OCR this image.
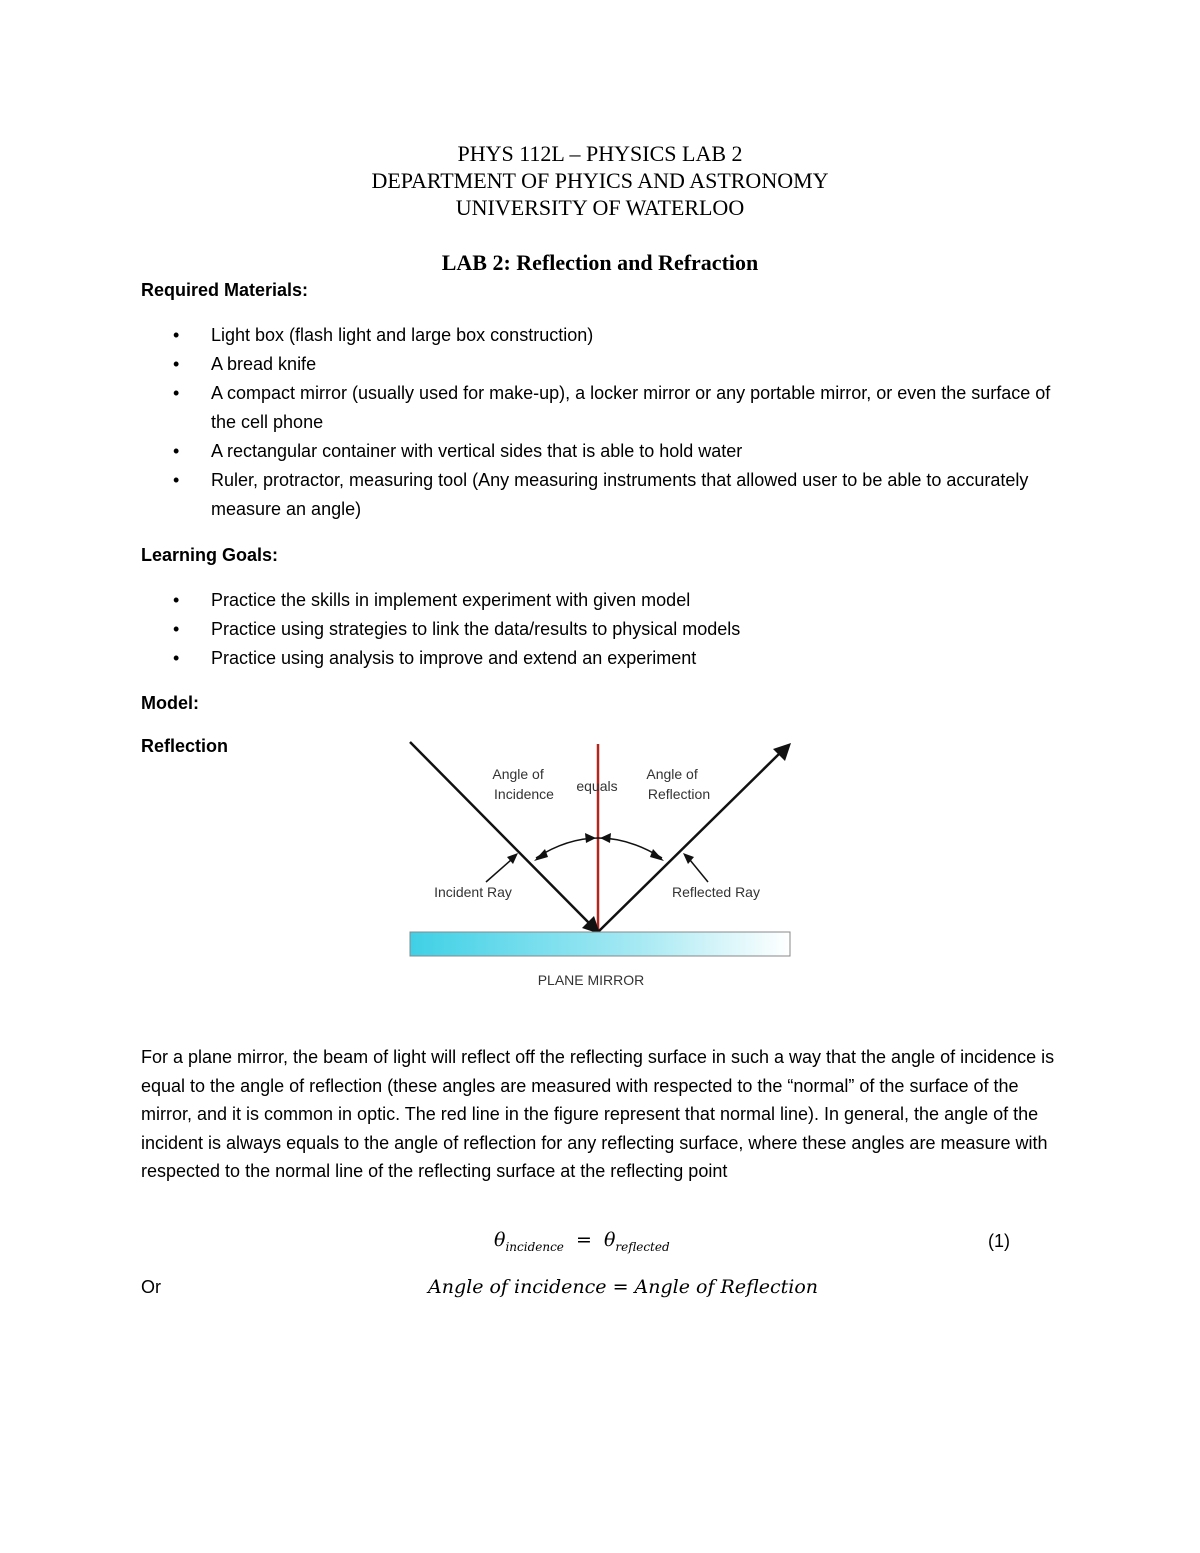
PHYS 112L – PHYSICS LAB 2
DEPARTMENT OF PHYICS AND ASTRONOMY
UNIVERSITY OF WATERLOO
LAB 2: Reflection and Refraction
Required Materials:
• Light box (flash light and large box construction)
• A bread knife
• A compact mirror (usually used for make-up), a locker mirror or any portable mirror, or even the surface of the cell phone
• A rectangular container with vertical sides that is able to hold water
• Ruler, protractor, measuring tool (Any measuring instruments that allowed user to be able to accurately measure an angle)
Learning Goals:
• Practice the skills in implement experiment with given model
• Practice using strategies to link the data/results to physical models
• Practice using analysis to improve and extend an experiment
Model:
Reflection
Angle of Incidence equals
Angle of Reflection
Incident Ray	Reflected Ray
PLANE MIRROR
For a plane mirror, the beam of light will reflect off the reflecting surface in such a way that the angle of incidence is equal to the angle of reflection (these angles are measured with respected to the “normal” of the surface of the mirror, and it is common in optic. The red line in the figure represent that normal line). In general, the angle of the incident is always equals to the angle of reflection for any reflecting surface, where these angles are measure with respected to the normal line of the reflecting surface at the reflecting point
$\theta_{incidence} = \theta_{reflected}$	(1)
Or	Angle of incidence = Angle of Reflection
